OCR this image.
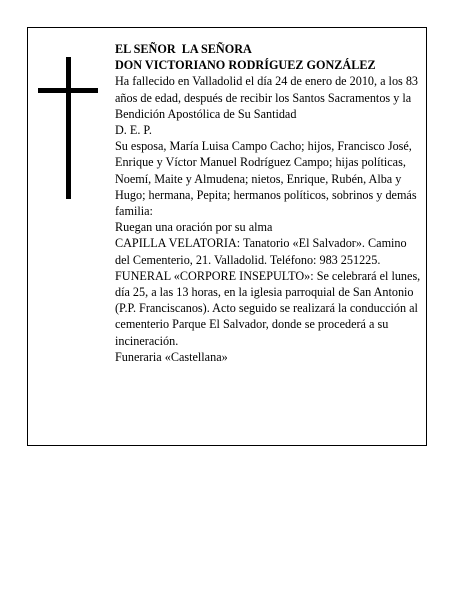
EL SEÑOR  LA SEÑORA

DON VICTORIANO RODRÍGUEZ GONZÁLEZ

Ha fallecido en Valladolid el día 24 de enero de 2010, a los 83 años de edad, después de recibir los Santos Sacramentos y la Bendición Apostólica de Su Santidad

D. E. P.

Su esposa, María Luisa Campo Cacho; hijos, Francisco José, Enrique y Víctor Manuel Rodríguez Campo; hijas políticas, Noemí, Maite y Almudena; nietos, Enrique, Rubén, Alba y Hugo; hermana, Pepita; hermanos políticos, sobrinos y demás familia:

Ruegan una oración por su alma

CAPILLA VELATORIA: Tanatorio «El Salvador». Camino del Cementerio, 21. Valladolid. Teléfono: 983 251225.

FUNERAL «CORPORE INSEPULTO»: Se celebrará el lunes, día 25, a las 13 horas, en la iglesia parroquial de San Antonio (P.P. Franciscanos). Acto seguido se realizará la conducción al cementerio Parque El Salvador, donde se procederá a su incineración.

Funeraria «Castellana»
